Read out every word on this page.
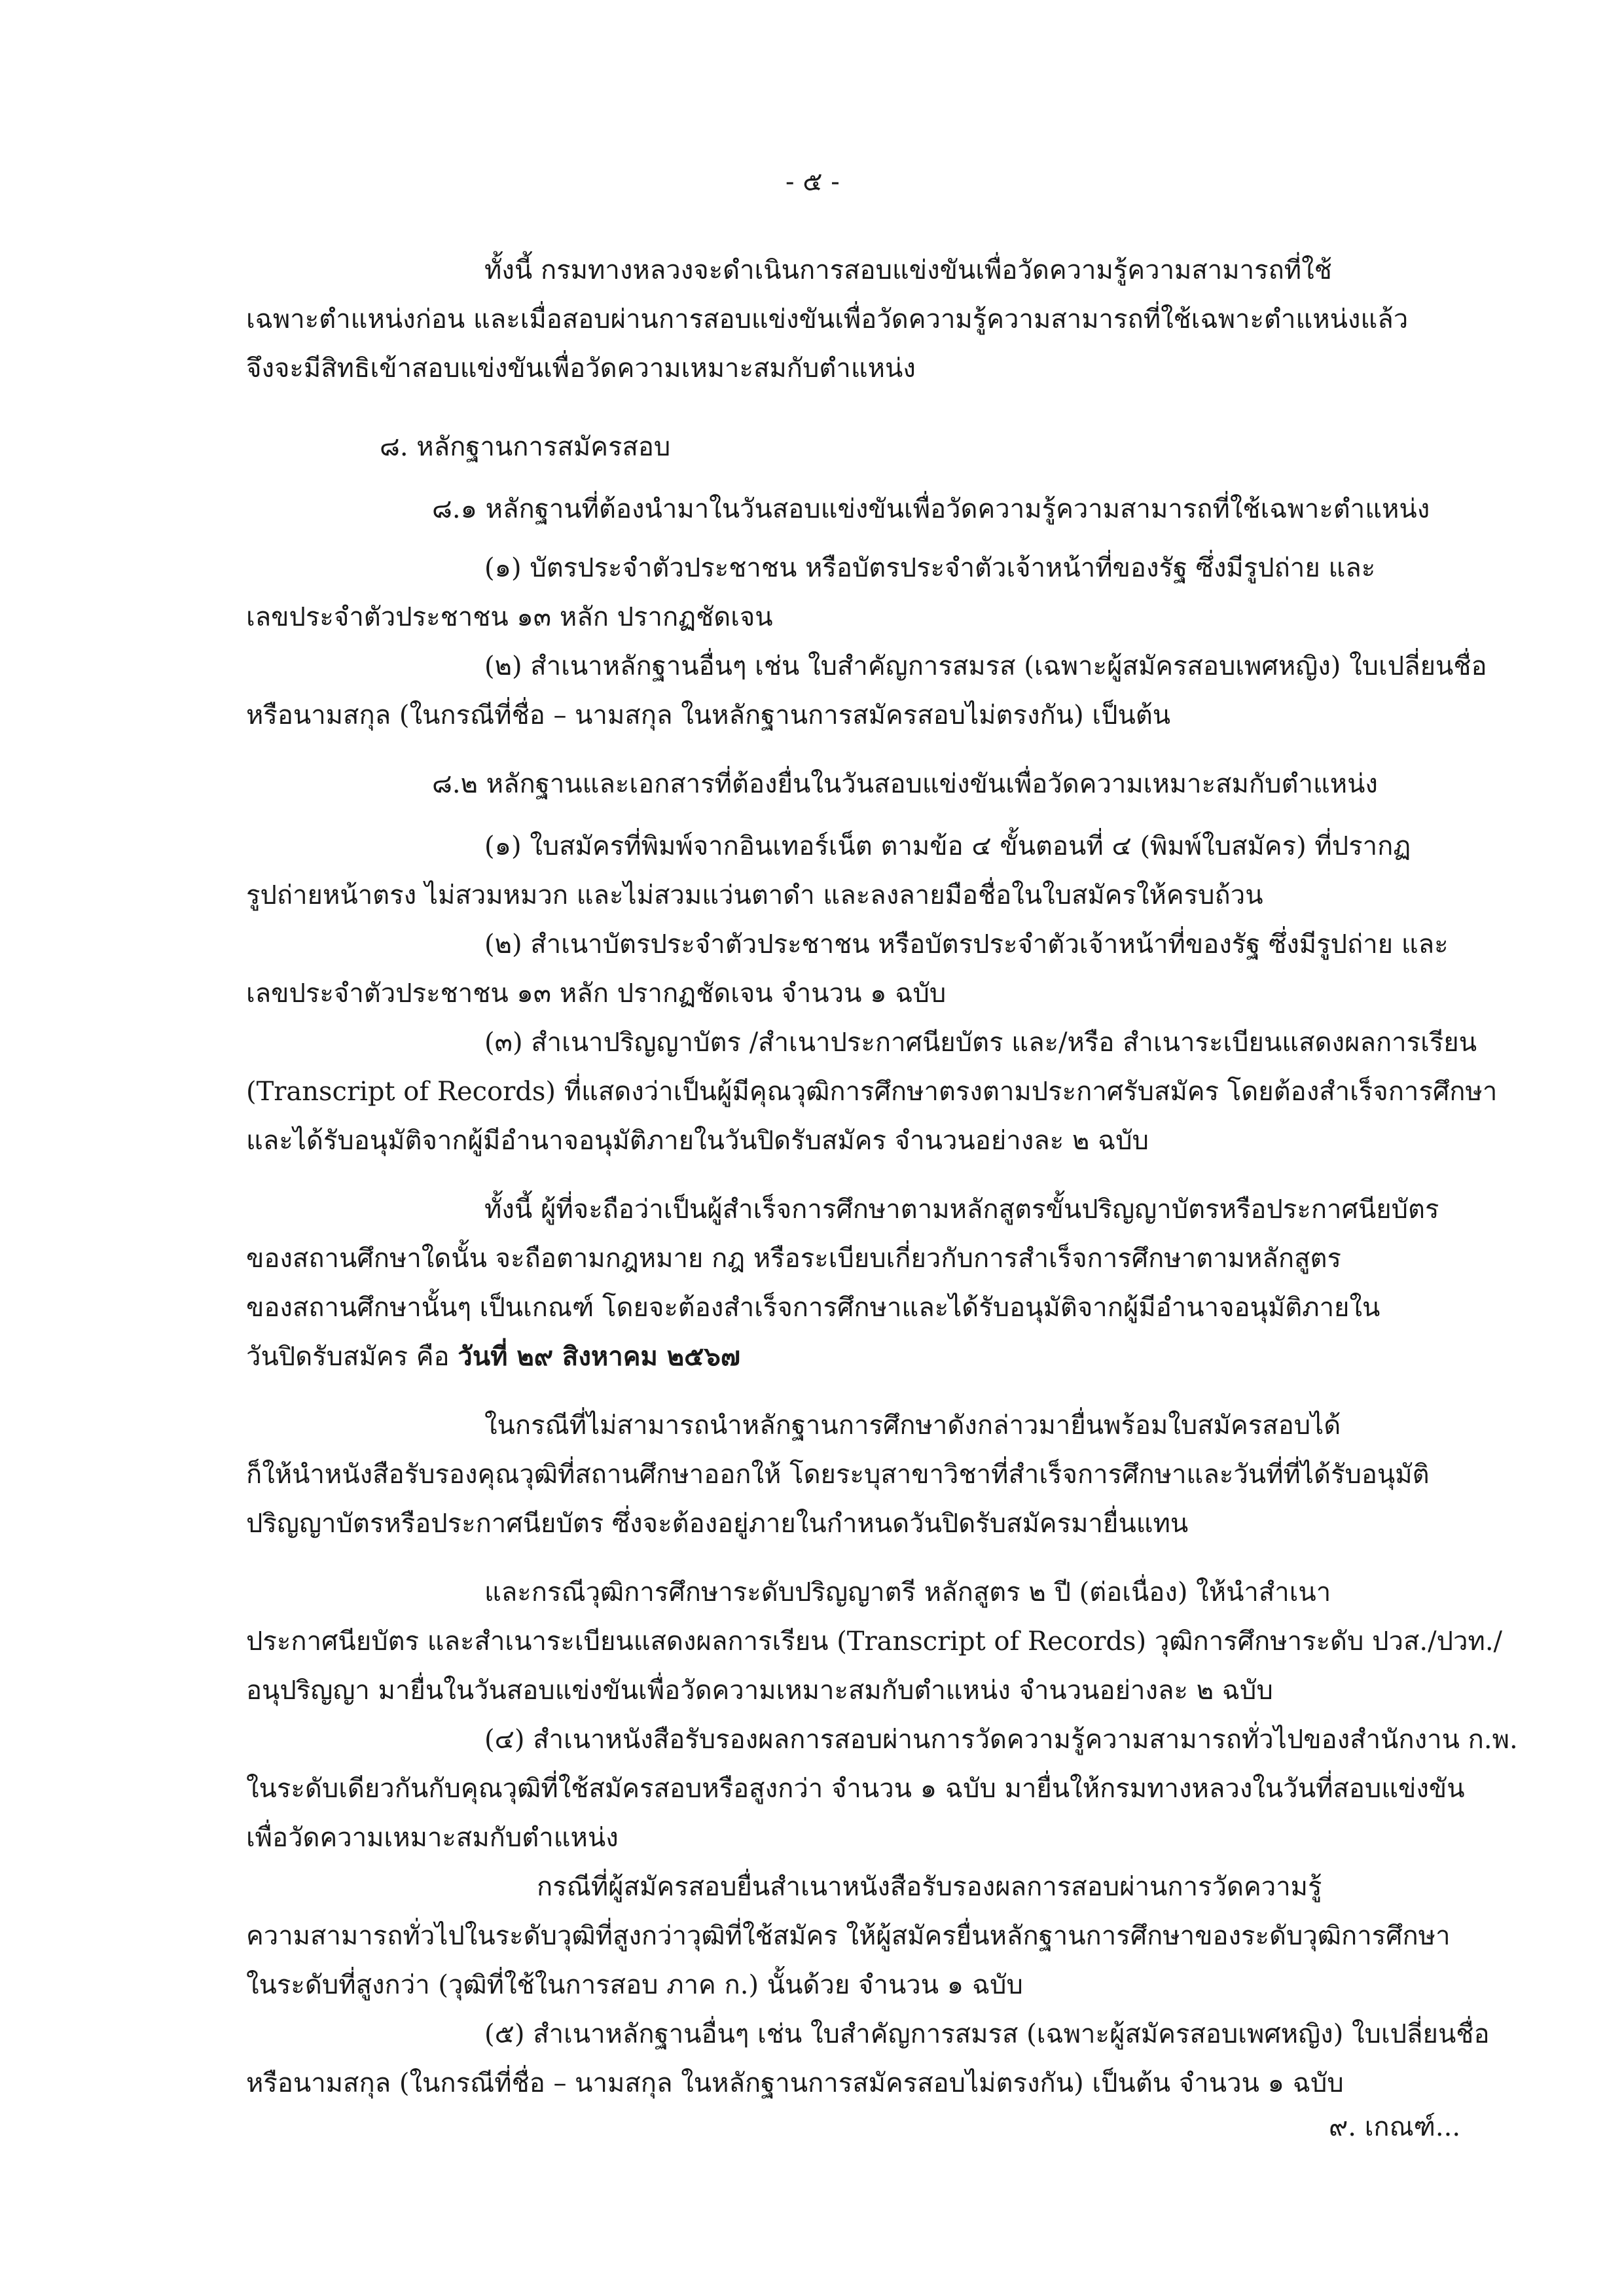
- ๕ -
ทั้งนี้ กรมทางหลวงจะดำเนินการสอบแข่งขันเพื่อวัดความรู้ความสามารถที่ใช้
เฉพาะตำแหน่งก่อน และเมื่อสอบผ่านการสอบแข่งขันเพื่อวัดความรู้ความสามารถที่ใช้เฉพาะตำแหน่งแล้ว
จึงจะมีสิทธิเข้าสอบแข่งขันเพื่อวัดความเหมาะสมกับตำแหน่ง
๘. หลักฐานการสมัครสอบ
๘.๑ หลักฐานที่ต้องนำมาในวันสอบแข่งขันเพื่อวัดความรู้ความสามารถที่ใช้เฉพาะตำแหน่ง
(๑) บัตรประจำตัวประชาชน หรือบัตรประจำตัวเจ้าหน้าที่ของรัฐ ซึ่งมีรูปถ่าย และ
เลขประจำตัวประชาชน ๑๓ หลัก ปรากฏชัดเจน
(๒) สำเนาหลักฐานอื่นๆ เช่น ใบสำคัญการสมรส (เฉพาะผู้สมัครสอบเพศหญิง) ใบเปลี่ยนชื่อ
หรือนามสกุล (ในกรณีที่ชื่อ – นามสกุล ในหลักฐานการสมัครสอบไม่ตรงกัน) เป็นต้น
๘.๒ หลักฐานและเอกสารที่ต้องยื่นในวันสอบแข่งขันเพื่อวัดความเหมาะสมกับตำแหน่ง
(๑) ใบสมัครที่พิมพ์จากอินเทอร์เน็ต ตามข้อ ๔ ขั้นตอนที่ ๔ (พิมพ์ใบสมัคร) ที่ปรากฏ
รูปถ่ายหน้าตรง ไม่สวมหมวก และไม่สวมแว่นตาดำ และลงลายมือชื่อในใบสมัครให้ครบถ้วน
(๒) สำเนาบัตรประจำตัวประชาชน หรือบัตรประจำตัวเจ้าหน้าที่ของรัฐ ซึ่งมีรูปถ่าย และ
เลขประจำตัวประชาชน ๑๓ หลัก ปรากฏชัดเจน จำนวน ๑ ฉบับ
(๓) สำเนาปริญญาบัตร /สำเนาประกาศนียบัตร และ/หรือ สำเนาระเบียนแสดงผลการเรียน
(Transcript of Records) ที่แสดงว่าเป็นผู้มีคุณวุฒิการศึกษาตรงตามประกาศรับสมัคร โดยต้องสำเร็จการศึกษา
และได้รับอนุมัติจากผู้มีอำนาจอนุมัติภายในวันปิดรับสมัคร จำนวนอย่างละ ๒ ฉบับ
ทั้งนี้ ผู้ที่จะถือว่าเป็นผู้สำเร็จการศึกษาตามหลักสูตรขั้นปริญญาบัตรหรือประกาศนียบัตร
ของสถานศึกษาใดนั้น จะถือตามกฎหมาย กฎ หรือระเบียบเกี่ยวกับการสำเร็จการศึกษาตามหลักสูตร
ของสถานศึกษานั้นๆ เป็นเกณฑ์ โดยจะต้องสำเร็จการศึกษาและได้รับอนุมัติจากผู้มีอำนาจอนุมัติภายใน
วันปิดรับสมัคร คือ วันที่ ๒๙ สิงหาคม ๒๕๖๗
ในกรณีที่ไม่สามารถนำหลักฐานการศึกษาดังกล่าวมายื่นพร้อมใบสมัครสอบได้
ก็ให้นำหนังสือรับรองคุณวุฒิที่สถานศึกษาออกให้ โดยระบุสาขาวิชาที่สำเร็จการศึกษาและวันที่ที่ได้รับอนุมัติ
ปริญญาบัตรหรือประกาศนียบัตร ซึ่งจะต้องอยู่ภายในกำหนดวันปิดรับสมัครมายื่นแทน
และกรณีวุฒิการศึกษาระดับปริญญาตรี หลักสูตร ๒ ปี (ต่อเนื่อง) ให้นำสำเนา
ประกาศนียบัตร และสำเนาระเบียนแสดงผลการเรียน (Transcript of Records) วุฒิการศึกษาระดับ ปวส./ปวท./
อนุปริญญา มายื่นในวันสอบแข่งขันเพื่อวัดความเหมาะสมกับตำแหน่ง จำนวนอย่างละ ๒ ฉบับ
(๔) สำเนาหนังสือรับรองผลการสอบผ่านการวัดความรู้ความสามารถทั่วไปของสำนักงาน ก.พ.
ในระดับเดียวกันกับคุณวุฒิที่ใช้สมัครสอบหรือสูงกว่า จำนวน ๑ ฉบับ มายื่นให้กรมทางหลวงในวันที่สอบแข่งขัน
เพื่อวัดความเหมาะสมกับตำแหน่ง
กรณีที่ผู้สมัครสอบยื่นสำเนาหนังสือรับรองผลการสอบผ่านการวัดความรู้
ความสามารถทั่วไปในระดับวุฒิที่สูงกว่าวุฒิที่ใช้สมัคร ให้ผู้สมัครยื่นหลักฐานการศึกษาของระดับวุฒิการศึกษา
ในระดับที่สูงกว่า (วุฒิที่ใช้ในการสอบ ภาค ก.) นั้นด้วย จำนวน ๑ ฉบับ
(๕) สำเนาหลักฐานอื่นๆ เช่น ใบสำคัญการสมรส (เฉพาะผู้สมัครสอบเพศหญิง) ใบเปลี่ยนชื่อ
หรือนามสกุล (ในกรณีที่ชื่อ – นามสกุล ในหลักฐานการสมัครสอบไม่ตรงกัน) เป็นต้น จำนวน ๑ ฉบับ
๙. เกณฑ์...
